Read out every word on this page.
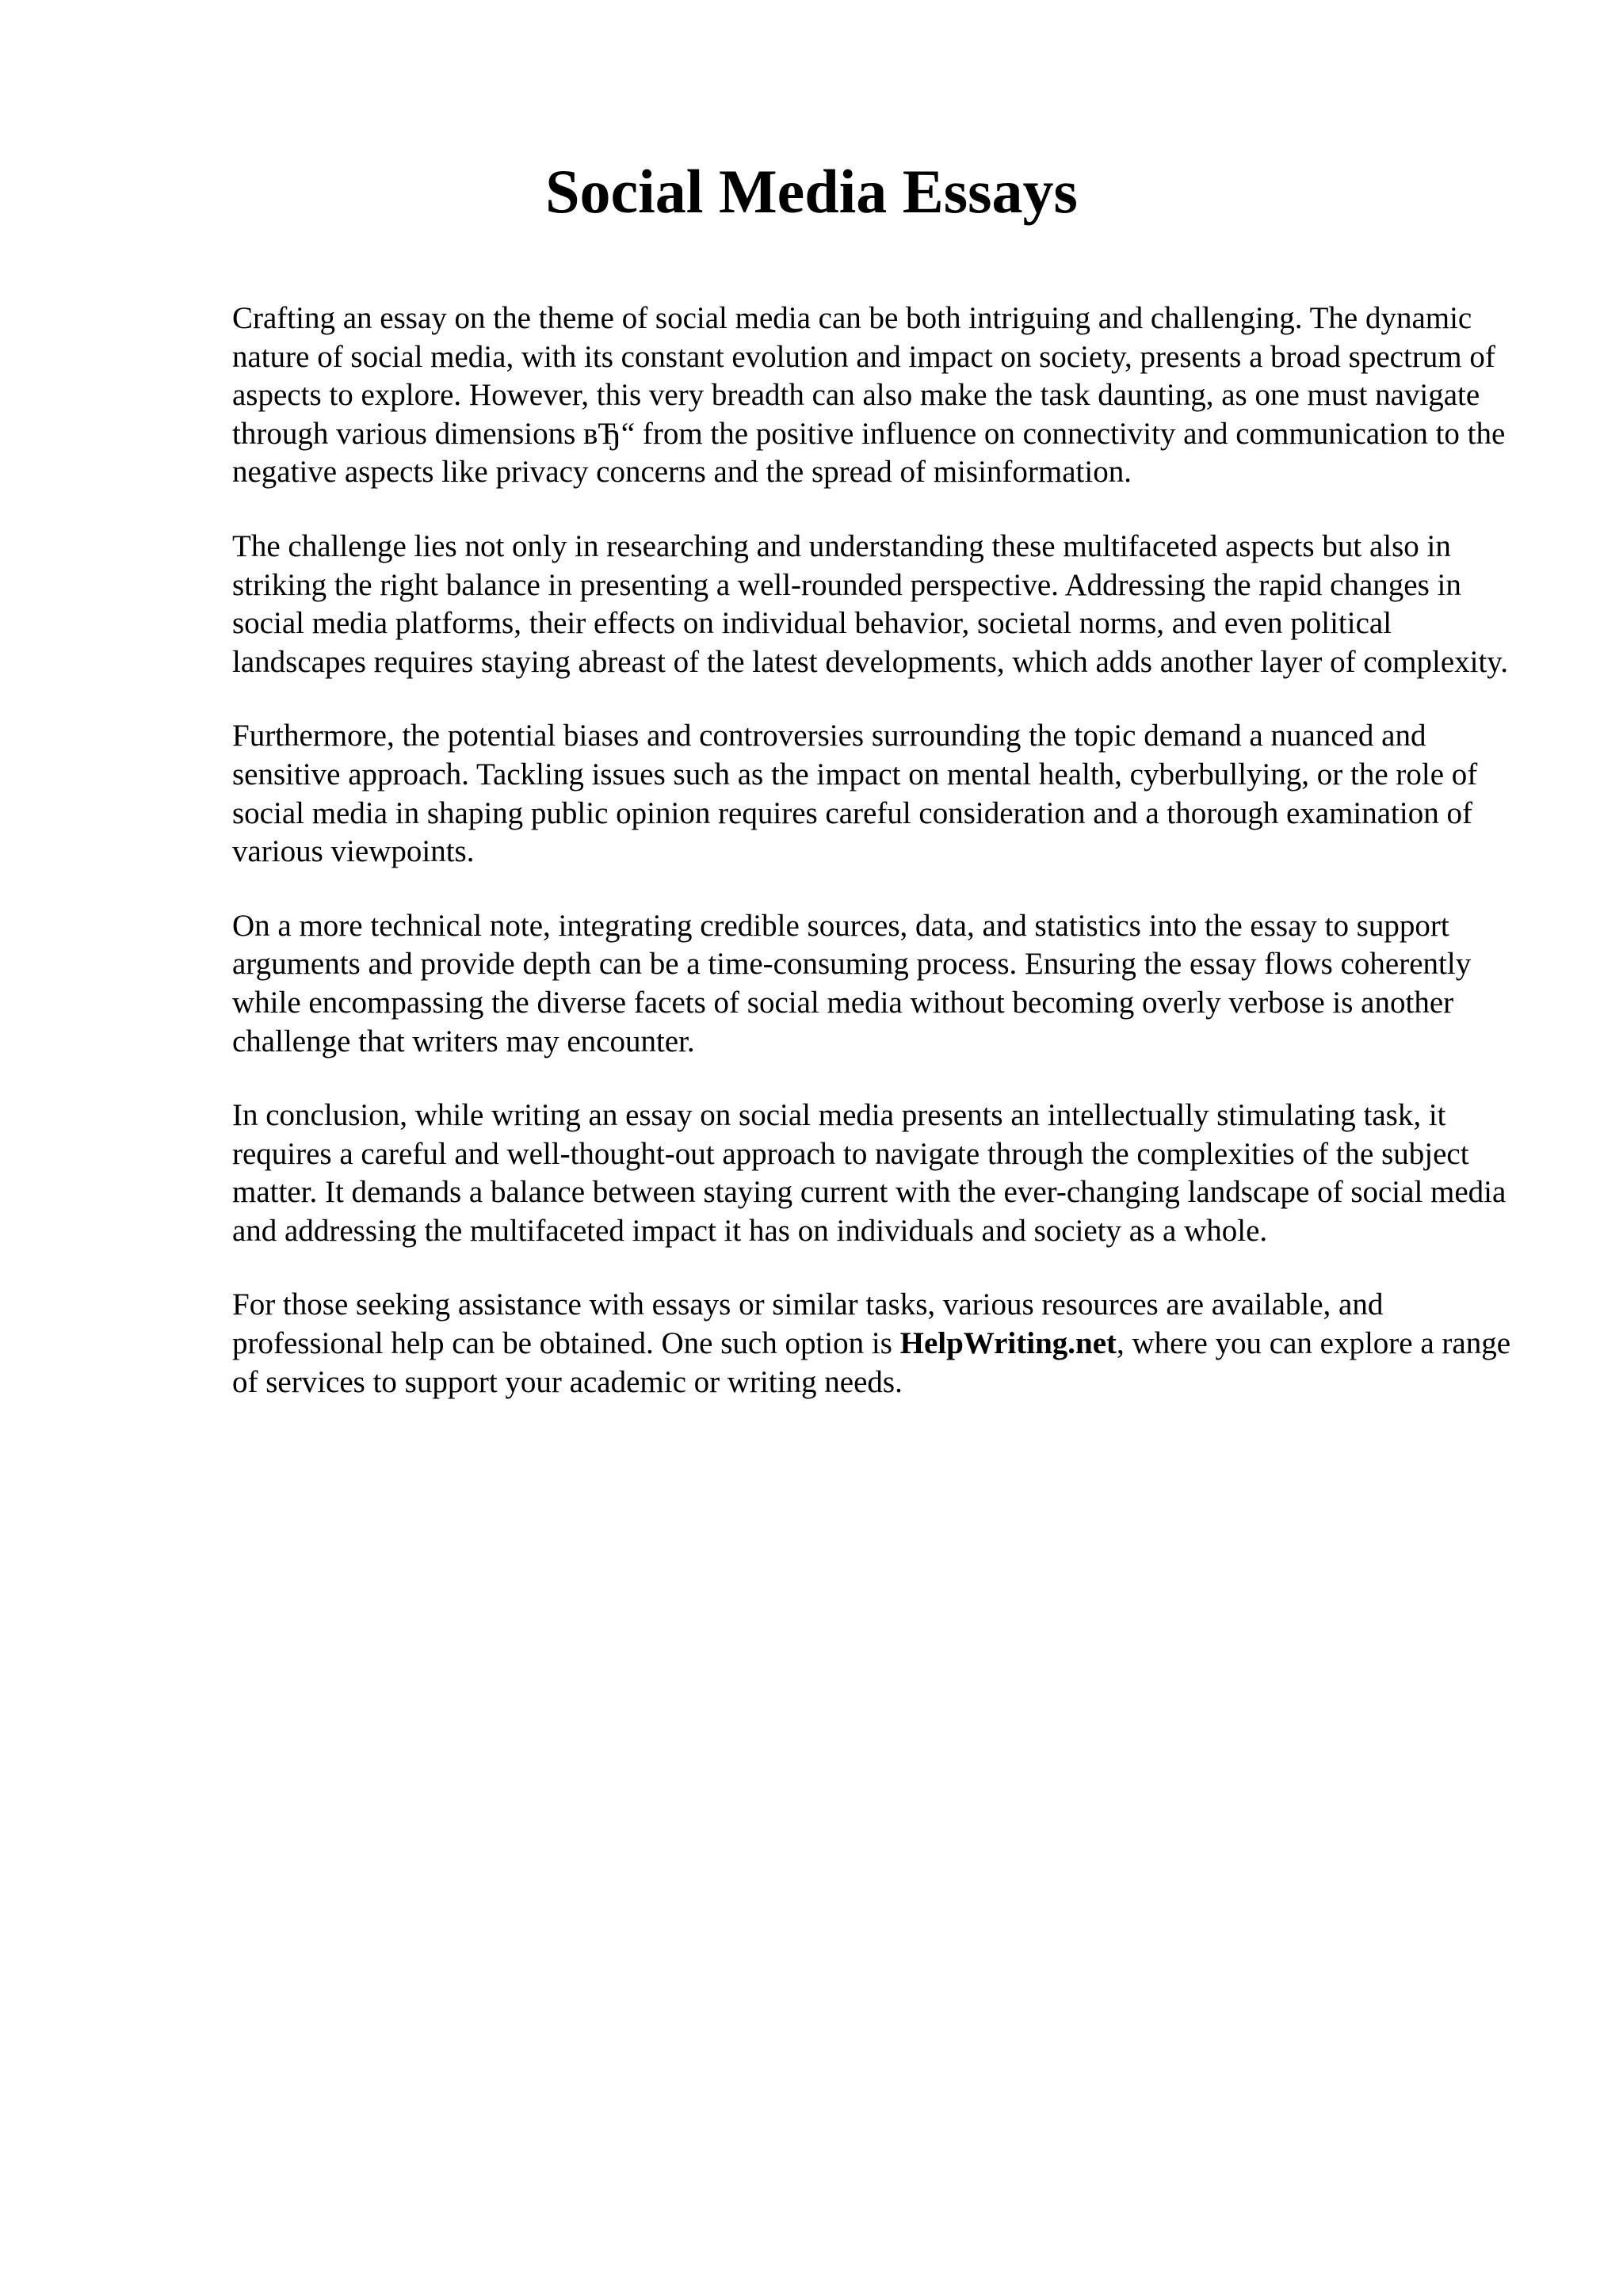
Social Media Essays

Crafting an essay on the theme of social media can be both intriguing and challenging. The dynamic nature of social media, with its constant evolution and impact on society, presents a broad spectrum of aspects to explore. However, this very breadth can also make the task daunting, as one must navigate through various dimensions вЂ“ from the positive influence on connectivity and communication to the negative aspects like privacy concerns and the spread of misinformation.

The challenge lies not only in researching and understanding these multifaceted aspects but also in striking the right balance in presenting a well-rounded perspective. Addressing the rapid changes in social media platforms, their effects on individual behavior, societal norms, and even political landscapes requires staying abreast of the latest developments, which adds another layer of complexity.

Furthermore, the potential biases and controversies surrounding the topic demand a nuanced and sensitive approach. Tackling issues such as the impact on mental health, cyberbullying, or the role of social media in shaping public opinion requires careful consideration and a thorough examination of various viewpoints.

On a more technical note, integrating credible sources, data, and statistics into the essay to support arguments and provide depth can be a time-consuming process. Ensuring the essay flows coherently while encompassing the diverse facets of social media without becoming overly verbose is another challenge that writers may encounter.

In conclusion, while writing an essay on social media presents an intellectually stimulating task, it requires a careful and well-thought-out approach to navigate through the complexities of the subject matter. It demands a balance between staying current with the ever-changing landscape of social media and addressing the multifaceted impact it has on individuals and society as a whole.

For those seeking assistance with essays or similar tasks, various resources are available, and professional help can be obtained. One such option is HelpWriting.net, where you can explore a range of services to support your academic or writing needs.
